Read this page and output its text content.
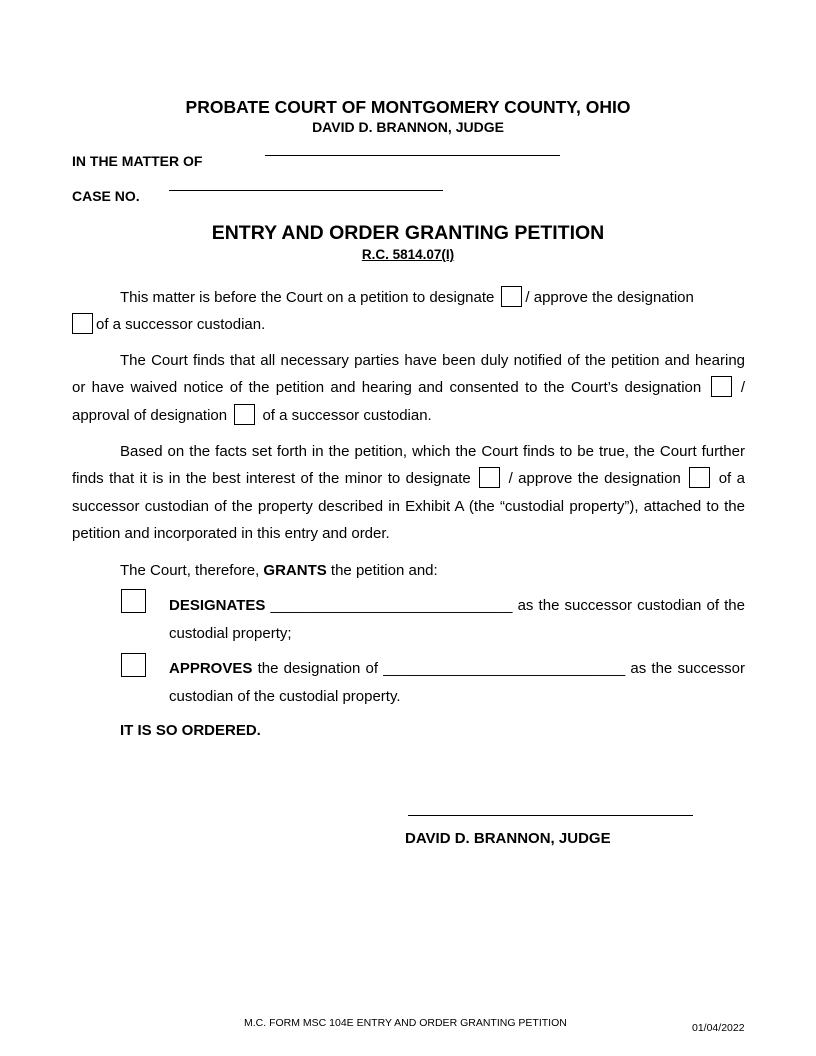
PROBATE COURT OF MONTGOMERY COUNTY, OHIO
DAVID D. BRANNON, JUDGE
IN THE MATTER OF
CASE NO.
ENTRY AND ORDER GRANTING PETITION
R.C. 5814.07(I)
This matter is before the Court on a petition to designate / approve the designation
of a successor custodian.
The Court finds that all necessary parties have been duly notified of the petition and hearing or have waived notice of the petition and hearing and consented to the Court’s designation	/ approval of designation of a successor custodian.
Based on the facts set forth in the petition, which the Court finds to be true, the Court further finds that it is in the best interest of the minor to designate	/ approve the designation	of a successor custodian of the property described in Exhibit A (the “custodial property”), attached to the petition and incorporated in this entry and order.
The Court, therefore, GRANTS the petition and:
DESIGNATES _____________________________ as the successor custodian of the custodial property;
APPROVES the designation of _____________________________ as the successor custodian of the custodial property.
IT IS SO ORDERED.
DAVID D. BRANNON, JUDGE
M.C. FORM MSC 104E ENTRY AND ORDER GRANTING PETITION	01/04/2022
